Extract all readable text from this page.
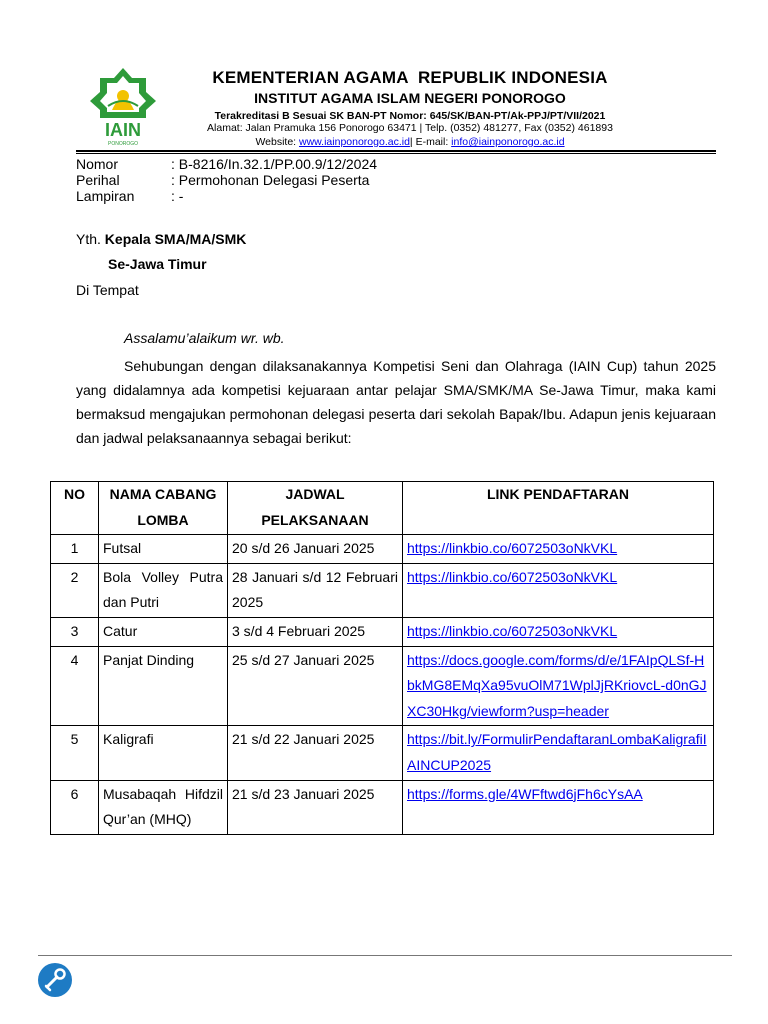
IAIN
PONOROGO
KEMENTERIAN AGAMA  REPUBLIK INDONESIA
INSTITUT AGAMA ISLAM NEGERI PONOROGO
Terakreditasi B Sesuai SK BAN-PT Nomor: 645/SK/BAN-PT/Ak-PPJ/PT/VII/2021
Alamat: Jalan Pramuka 156 Ponorogo 63471 | Telp. (0352) 481277, Fax (0352) 461893
Website: www.iainponorogo.ac.id| E-mail: info@iainponorogo.ac.id
Nomor	: B-8216/In.32.1/PP.00.9/12/2024
Perihal	: Permohonan Delegasi Peserta
Lampiran	: -
Yth. Kepala SMA/MA/SMK
Se-Jawa Timur
Di Tempat
Assalamu’alaikum wr. wb.
Sehubungan dengan dilaksanakannya Kompetisi Seni dan Olahraga (IAIN Cup) tahun 2025 yang didalamnya ada kompetisi kejuaraan antar pelajar SMA/SMK/MA Se-Jawa Timur, maka kami bermaksud mengajukan permohonan delegasi peserta dari sekolah Bapak/Ibu. Adapun jenis kejuaraan dan jadwal pelaksanaannya sebagai berikut:
NO	NAMA CABANG LOMBA	JADWAL PELAKSANAAN	LINK PENDAFTARAN
1	Futsal	20 s/d 26 Januari 2025	https://linkbio.co/6072503oNkVKL
2	Bola Volley Putra dan Putri	28 Januari s/d 12 Februari 2025	https://linkbio.co/6072503oNkVKL
3	Catur	3 s/d 4 Februari 2025	https://linkbio.co/6072503oNkVKL
4	Panjat Dinding	25 s/d 27 Januari 2025	https://docs.google.com/forms/d/e/1FAIpQLSf-HbkMG8EMqXa95vuOlM71WplJjRKriovcL-d0nGJXC30Hkg/viewform?usp=header
5	Kaligrafi	21 s/d 22 Januari 2025	https://bit.ly/FormulirPendaftaranLombaKaligrafiIAINCUP2025
6	Musabaqah Hifdzil Qur’an (MHQ)	21 s/d 23 Januari 2025	https://forms.gle/4WFftwd6jFh6cYsAA
